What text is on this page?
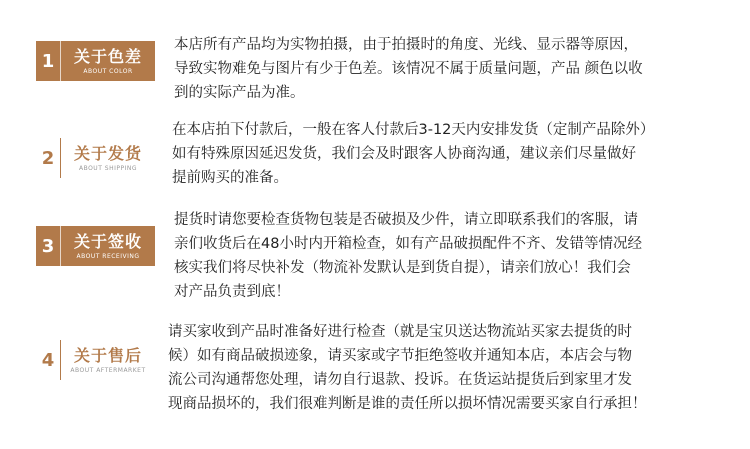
1	关于色差
ABOUT COLOR
本店所有产品均为实物拍摄，由于拍摄时的角度、光线、显示器等原因，
导致实物难免与图片有少于色差。该情况不属于质量问题，产品 颜色以收
到的实际产品为准。
2	关于发货
ABOUT SHIPPING
在本店拍下付款后，一般在客人付款后3-12天内安排发货（定制产品除外）
如有特殊原因延迟发货，我们会及时跟客人协商沟通，建议亲们尽量做好
提前购买的准备。
3	关于签收
ABOUT RECEIVING
提货时请您要检查货物包装是否破损及少件，请立即联系我们的客服，请
亲们收货后在48小时内开箱检查，如有产品破损配件不齐、发错等情况经
核实我们将尽快补发（物流补发默认是到货自提），请亲们放心！我们会
对产品负责到底！
4	关于售后
ABOUT AFTERMARKET
请买家收到产品时准备好进行检查（就是宝贝送达物流站买家去提货的时
候）如有商品破损迹象，请买家或字节拒绝签收并通知本店，本店会与物
流公司沟通帮您处理，请勿自行退款、投诉。在货运站提货后到家里才发
现商品损坏的，我们很难判断是谁的责任所以损坏情况需要买家自行承担！
